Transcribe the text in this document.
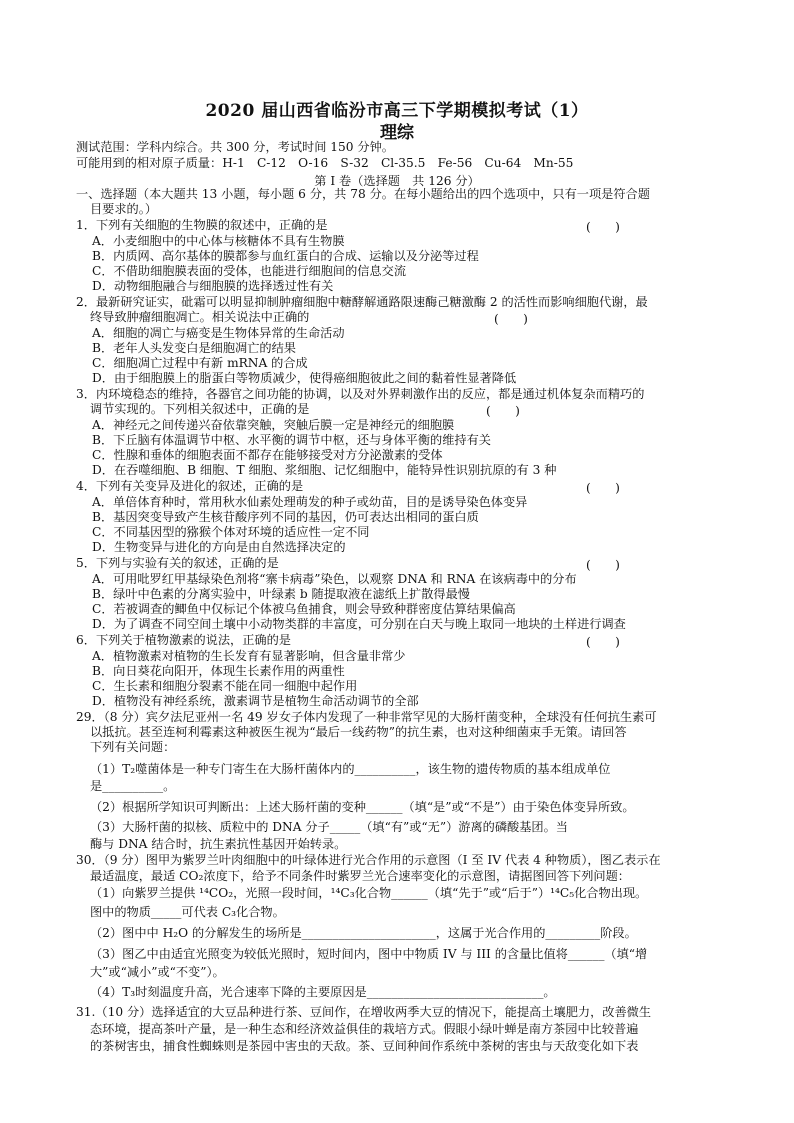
2020 届山西省临汾市高三下学期模拟考试（1）
理综
测试范围：学科内综合。共 300 分，考试时间 150 分钟。
可能用到的相对原子质量：H-1　C-12　O-16　S-32　Cl-35.5　Fe-56　Cu-64　Mn-55
第 I 卷（选择题　共 126 分）
一、选择题（本大题共 13 小题，每小题 6 分，共 78 分。在每小题给出的四个选项中，只有一项是符合题
目要求的。）
1．下列有关细胞的生物膜的叙述中，正确的是	(　　)
A．小麦细胞中的中心体与核糖体不具有生物膜
B．内质网、高尔基体的膜都参与血红蛋白的合成、运输以及分泌等过程
C．不借助细胞膜表面的受体，也能进行细胞间的信息交流
D．动物细胞融合与细胞膜的选择透过性有关
2．最新研究证实，砒霜可以明显抑制肿瘤细胞中糖酵解通路限速酶己糖激酶 2 的活性而影响细胞代谢，最
终导致肿瘤细胞凋亡。相关说法中正确的	(　　)
A．细胞的凋亡与癌变是生物体异常的生命活动
B．老年人头发变白是细胞凋亡的结果
C．细胞凋亡过程中有新 mRNA 的合成
D．由于细胞膜上的脂蛋白等物质减少，使得癌细胞彼此之间的黏着性显著降低
3．内环境稳态的维持，各器官之间功能的协调，以及对外界刺激作出的反应，都是通过机体复杂而精巧的
调节实现的。下列相关叙述中，正确的是	(　　)
A．神经元之间传递兴奋依靠突触，突触后膜一定是神经元的细胞膜
B．下丘脑有体温调节中枢、水平衡的调节中枢，还与身体平衡的维持有关
C．性腺和垂体的细胞表面不都存在能够接受对方分泌激素的受体
D．在吞噬细胞、B 细胞、T 细胞、浆细胞、记忆细胞中，能特异性识别抗原的有 3 种
4．下列有关变异及进化的叙述，正确的是	(　　)
A．单倍体育种时，常用秋水仙素处理萌发的种子或幼苗，目的是诱导染色体变异
B．基因突变导致产生核苷酸序列不同的基因，仍可表达出相同的蛋白质
C．不同基因型的猕猴个体对环境的适应性一定不同
D．生物变异与进化的方向是由自然选择决定的
5．下列与实验有关的叙述，正确的是	(　　)
A．可用吡罗红甲基绿染色剂将“寨卡病毒”染色，以观察 DNA 和 RNA 在该病毒中的分布
B．绿叶中色素的分离实验中，叶绿素 b 随提取液在滤纸上扩散得最慢
C．若被调查的鲫鱼中仅标记个体被乌鱼捕食，则会导致种群密度估算结果偏高
D．为了调查不同空间土壤中小动物类群的丰富度，可分别在白天与晚上取同一地块的土样进行调查
6．下列关于植物激素的说法，正确的是	(　　)
A．植物激素对植物的生长发育有显著影响，但含量非常少
B．向日葵花向阳开，体现生长素作用的两重性
C．生长素和细胞分裂素不能在同一细胞中起作用
D．植物没有神经系统，激素调节是植物生命活动调节的全部
29．（8 分）宾夕法尼亚州一名 49 岁女子体内发现了一种非常罕见的大肠杆菌变种，全球没有任何抗生素可
以抵抗。甚至连柯利霉素这种被医生视为“最后一线药物”的抗生素，也对这种细菌束手无策。请回答
下列有关问题：
（1）T₂噬菌体是一种专门寄生在大肠杆菌体内的__________，该生物的遗传物质的基本组成单位
是__________。
（2）根据所学知识可判断出：上述大肠杆菌的变种______（填“是”或“不是”）由于染色体变异所致。
（3）大肠杆菌的拟核、质粒中的 DNA 分子_____（填“有”或“无”）游离的磷酸基团。当
酶与 DNA 结合时，抗生素抗性基因开始转录。
30．（9 分）图甲为紫罗兰叶肉细胞中的叶绿体进行光合作用的示意图（I 至 IV 代表 4 种物质），图乙表示在
最适温度，最适 CO₂浓度下，给予不同条件时紫罗兰光合速率变化的示意图，请据图回答下列问题：
（1）向紫罗兰提供 ¹⁴CO₂，光照一段时间，¹⁴C₃化合物______（填“先于”或“后于”）¹⁴C₅化合物出现。
图中的物质_____可代表 C₃化合物。
（2）图中中 H₂O 的分解发生的场所是______________________，这属于光合作用的_________阶段。
（3）图乙中由适宜光照变为较低光照时，短时间内，图中中物质 IV 与 III 的含量比值将______（填“增
大”或“减小”或“不变”）。
（4）T₃时刻温度升高，光合速率下降的主要原因是_____________________________。
31.（10 分）选择适宜的大豆品种进行茶、豆间作，在增收两季大豆的情况下，能提高土壤肥力，改善微生
态环境，提高茶叶产量，是一种生态和经济效益俱佳的栽培方式。假眼小绿叶蝉是南方茶园中比较普遍
的茶树害虫，捕食性蜘蛛则是茶园中害虫的天敌。茶、豆间种间作系统中茶树的害虫与天敌变化如下表
